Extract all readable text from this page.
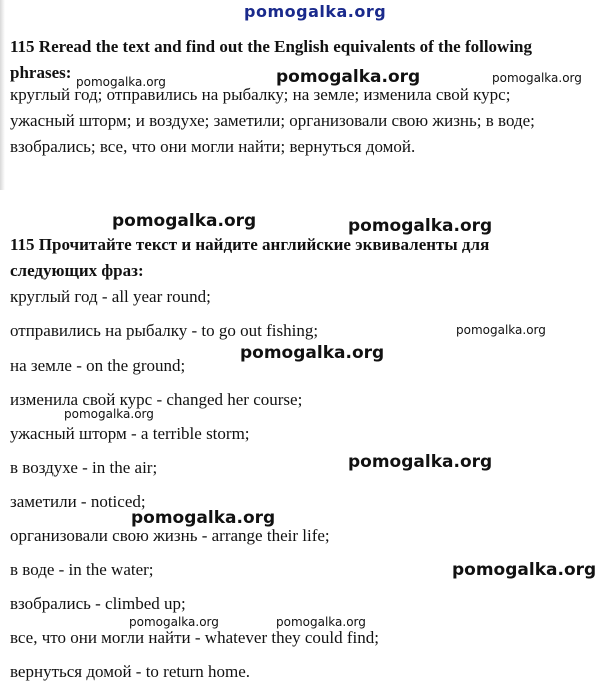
pomogalka.org
115 Reread the text and find out the English equivalents of the following
phrases:
круглый год; отправились на рыбалку; на земле; изменила свой курс;
ужасный шторм; и воздухе; заметили; организовали свою жизнь; в воде;
взобрались; все, что они могли найти; вернуться домой.
115 Прочитайте текст и найдите английские эквиваленты для
следующих фраз:
круглый год - all year round;
отправились на рыбалку - to go out fishing;
на земле - on the ground;
изменила свой курс - changed her course;
ужасный шторм - a terrible storm;
в воздухе - in the air;
заметили - noticed;
организовали свою жизнь - arrange their life;
в воде - in the water;
взобрались - climbed up;
все, что они могли найти - whatever they could find;
вернуться домой - to return home.
pomogalka.org	pomogalka.org	pomogalka.org
pomogalka.org	pomogalka.org
pomogalka.org
pomogalka.org
pomogalka.org
pomogalka.org
pomogalka.org
pomogalka.org
pomogalka.org	pomogalka.org
